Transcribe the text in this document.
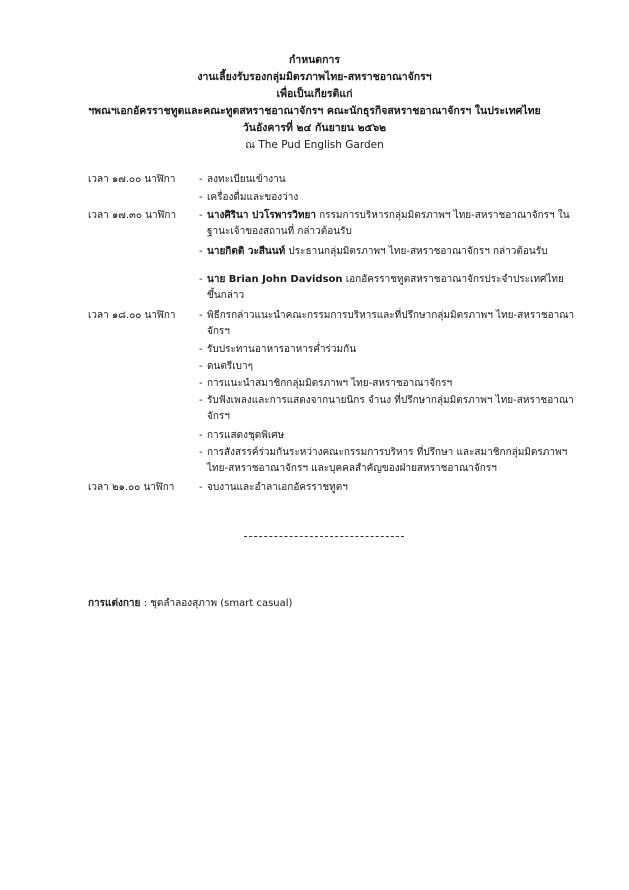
กำหนดการ
งานเลี้ยงรับรองกลุ่มมิตรภาพไทย-สหราชอาณาจักรฯ
เพื่อเป็นเกียรติแก่
ฯพณฯเอกอัครราชทูตและคณะทูตสหราชอาณาจักรฯ คณะนักธุรกิจสหราชอาณาจักรฯ ในประเทศไทย
วันอังคารที่ ๒๔ กันยายน ๒๕๖๒
ณ The Pud English Garden
เวลา ๑๗.๐๐ นาฬิกา - ลงทะเบียนเข้างาน
- เครื่องดื่มและของว่าง
เวลา ๑๗.๓๐ นาฬิกา - นางศิรินา ปวโรพารวิทยา กรรมการบริหารกลุ่มมิตรภาพฯ ไทย-สหราชอาณาจักรฯ ในฐานะเจ้าของสถานที่ กล่าวต้อนรับ
- นายกิตติ วะสีนนท์ ประธานกลุ่มมิตรภาพฯ ไทย-สหราชอาณาจักรฯ กล่าวต้อนรับ
- นาย Brian John Davidson เอกอัครราชทูตสหราชอาณาจักรประจำประเทศไทย ขึ้นกล่าว
เวลา ๑๘.๐๐ นาฬิกา - พิธีกรกล่าวแนะนำคณะกรรมการบริหารและที่ปรึกษากลุ่มมิตรภาพฯ ไทย-สหราชอาณาจักรฯ
- รับประทานอาหารอาหารค่ำร่วมกัน
- ดนตรีเบาๆ
- การแนะนำสมาชิกกลุ่มมิตรภาพฯ ไทย-สหราชอาณาจักรฯ
- รับฟังเพลงและการแสดงจากนายนิกร จำนง ที่ปรึกษากลุ่มมิตรภาพฯ ไทย-สหราชอาณาจักรฯ
- การแสดงชุดพิเศษ
- การสังสรรค์ร่วมกันระหว่างคณะกรรมการบริหาร ที่ปรึกษา และสมาชิกกลุ่มมิตรภาพฯ ไทย-สหราชอาณาจักรฯ และบุคคลสำคัญของฝ่ายสหราชอาณาจักรฯ
เวลา ๒๑.๐๐ นาฬิกา - จบงานและอำลาเอกอัครราชทูตฯ
การแต่งกาย : ชุดลำลองสุภาพ (smart casual)
